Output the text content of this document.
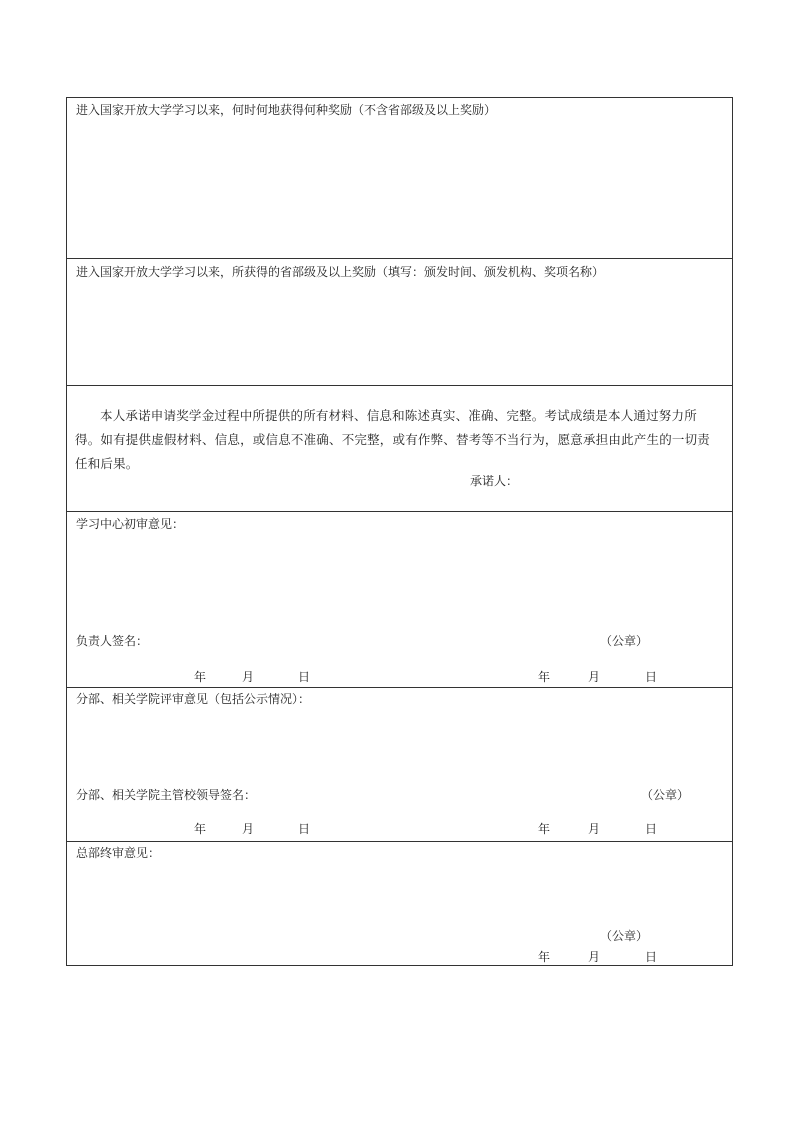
进入国家开放大学学习以来，何时何地获得何种奖励（不含省部级及以上奖励）
进入国家开放大学学习以来，所获得的省部级及以上奖励（填写：颁发时间、颁发机构、奖项名称）
本人承诺申请奖学金过程中所提供的所有材料、信息和陈述真实、准确、完整。考试成绩是本人通过努力所得。如有提供虚假材料、信息，或信息不准确、不完整，或有作弊、替考等不当行为，愿意承担由此产生的一切责任和后果。
承诺人：
学习中心初审意见：
负责人签名：	（公章）
年	月	日	年	月	日
分部、相关学院评审意见（包括公示情况）：
分部、相关学院主管校领导签名：	（公章）
年	月	日	年	月	日
总部终审意见：
（公章）
年	月	日
